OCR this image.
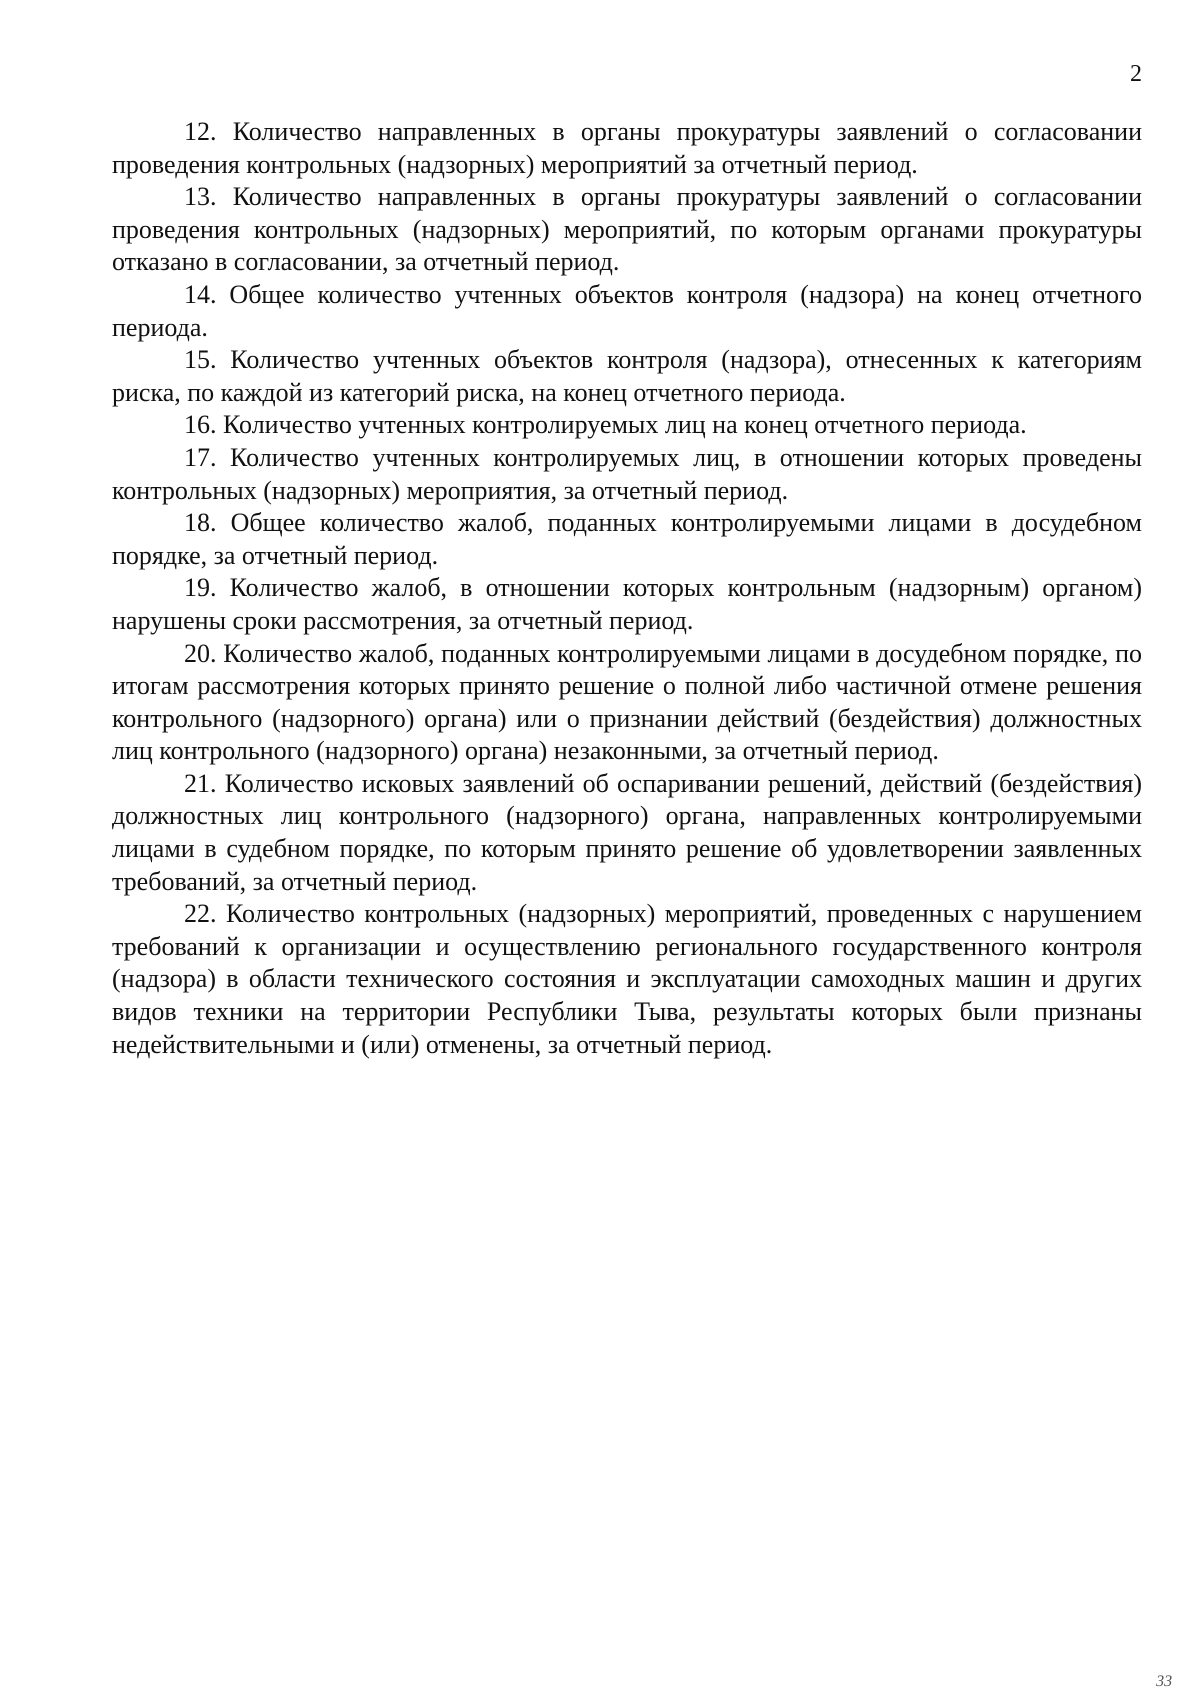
2

12. Количество направленных в органы прокуратуры заявлений о согласовании проведения контрольных (надзорных) мероприятий за отчетный период.

13. Количество направленных в органы прокуратуры заявлений о согласовании проведения контрольных (надзорных) мероприятий, по которым органами прокуратуры отказано в согласовании, за отчетный период.

14. Общее количество учтенных объектов контроля (надзора) на конец отчетного периода.

15. Количество учтенных объектов контроля (надзора), отнесенных к категориям риска, по каждой из категорий риска, на конец отчетного периода.

16. Количество учтенных контролируемых лиц на конец отчетного периода.

17. Количество учтенных контролируемых лиц, в отношении которых проведены контрольных (надзорных) мероприятия, за отчетный период.

18. Общее количество жалоб, поданных контролируемыми лицами в досудебном порядке, за отчетный период.

19. Количество жалоб, в отношении которых контрольным (надзорным) органом) нарушены сроки рассмотрения, за отчетный период.

20. Количество жалоб, поданных контролируемыми лицами в досудебном порядке, по итогам рассмотрения которых принято решение о полной либо частичной отмене решения контрольного (надзорного) органа) или о признании действий (бездействия) должностных лиц контрольного (надзорного) органа) незаконными, за отчетный период.

21. Количество исковых заявлений об оспаривании решений, действий (бездействия) должностных лиц контрольного (надзорного) органа, направленных контролируемыми лицами в судебном порядке, по которым принято решение об удовлетворении заявленных требований, за отчетный период.

22. Количество контрольных (надзорных) мероприятий, проведенных с нарушением требований к организации и осуществлению регионального государственного контроля (надзора) в области технического состояния и эксплуатации самоходных машин и других видов техники на территории Республики Тыва, результаты которых были признаны недействительными и (или) отменены, за отчетный период.

33
